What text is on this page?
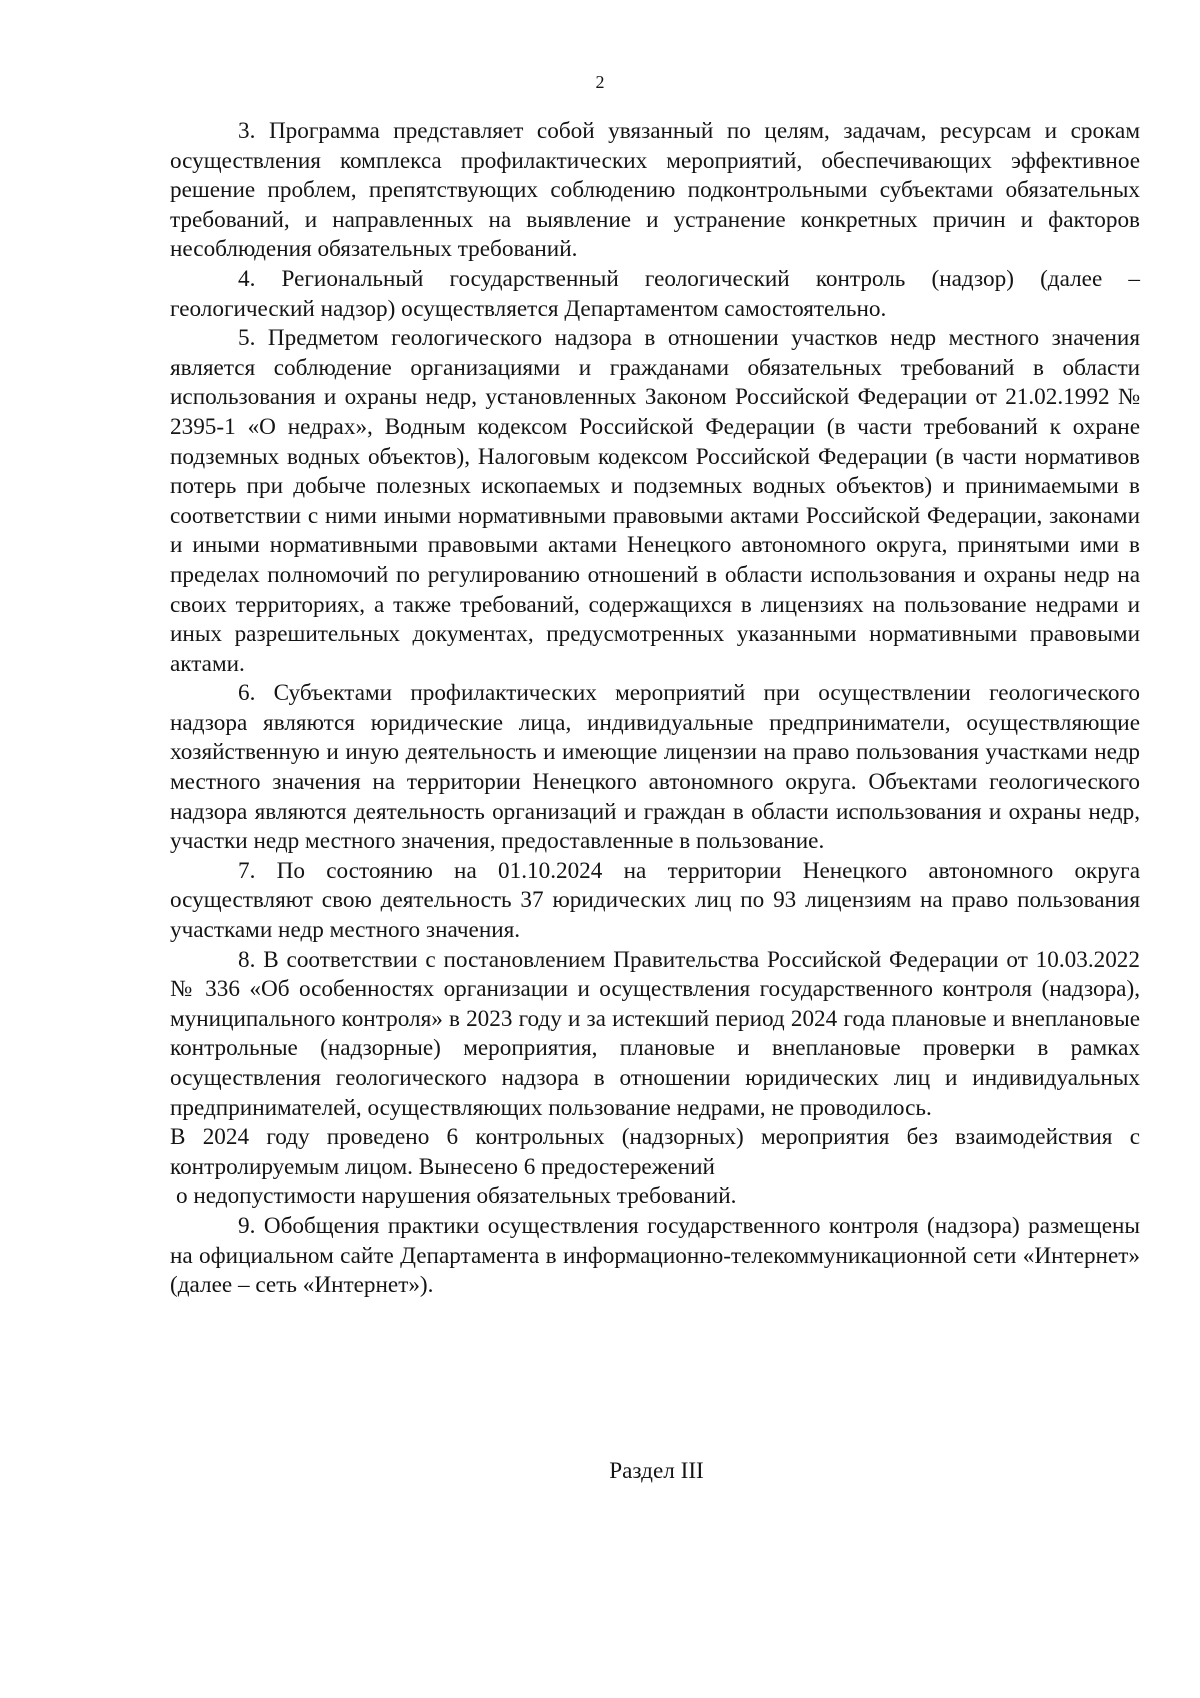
2

3. Программа представляет собой увязанный по целям, задачам, ресурсам и срокам осуществления комплекса профилактических мероприятий, обеспечивающих эффективное решение проблем, препятствующих соблюдению подконтрольными субъектами обязательных требований, и направленных на выявление и устранение конкретных причин и факторов несоблюдения обязательных требований.

4. Региональный государственный геологический контроль (надзор) (далее – геологический надзор) осуществляется Департаментом самостоятельно.

5. Предметом геологического надзора в отношении участков недр местного значения является соблюдение организациями и гражданами обязательных требований в области использования и охраны недр, установленных Законом Российской Федерации от 21.02.1992 № 2395-1 «О недрах», Водным кодексом Российской Федерации (в части требований к охране подземных водных объектов), Налоговым кодексом Российской Федерации (в части нормативов потерь при добыче полезных ископаемых и подземных водных объектов) и принимаемыми в соответствии с ними иными нормативными правовыми актами Российской Федерации, законами и иными нормативными правовыми актами Ненецкого автономного округа, принятыми ими в пределах полномочий по регулированию отношений в области использования и охраны недр на своих территориях, а также требований, содержащихся в лицензиях на пользование недрами и иных разрешительных документах, предусмотренных указанными нормативными правовыми актами.

6. Субъектами профилактических мероприятий при осуществлении геологического надзора являются юридические лица, индивидуальные предприниматели, осуществляющие хозяйственную и иную деятельность и имеющие лицензии на право пользования участками недр местного значения на территории Ненецкого автономного округа. Объектами геологического надзора являются деятельность организаций и граждан в области использования и охраны недр, участки недр местного значения, предоставленные в пользование.

7. По состоянию на 01.10.2024 на территории Ненецкого автономного округа осуществляют свою деятельность 37 юридических лиц по 93 лицензиям на право пользования участками недр местного значения.

8. В соответствии с постановлением Правительства Российской Федерации от 10.03.2022 № 336 «Об особенностях организации и осуществления государственного контроля (надзора), муниципального контроля» в 2023 году и за истекший период 2024 года плановые и внеплановые контрольные (надзорные) мероприятия, плановые и внеплановые проверки в рамках осуществления геологического надзора в отношении юридических лиц и индивидуальных предпринимателей, осуществляющих пользование недрами, не проводилось.

В 2024 году проведено 6 контрольных (надзорных) мероприятия без взаимодействия с контролируемым лицом. Вынесено 6 предостережений

о недопустимости нарушения обязательных требований.

9. Обобщения практики осуществления государственного контроля (надзора) размещены на официальном сайте Департамента в информационно-телекоммуникационной сети «Интернет» (далее – сеть «Интернет»).

Раздел III
